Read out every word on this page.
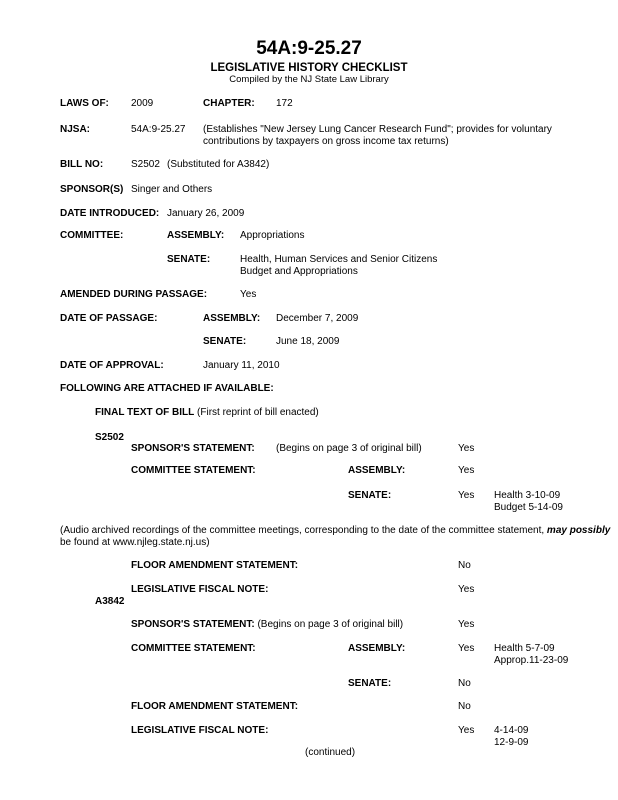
54A:9-25.27
LEGISLATIVE HISTORY CHECKLIST
Compiled by the NJ State Law Library
LAWS OF: 2009	CHAPTER: 172
NJSA:	54A:9-25.27 (Establishes "New Jersey Lung Cancer Research Fund"; provides for voluntary
contributions by taxpayers on gross income tax returns)
BILL NO:	S2502 (Substituted for A3842)
SPONSOR(S) Singer and Others
DATE INTRODUCED: January 26, 2009
COMMITTEE:	ASSEMBLY: Appropriations
SENATE:	Health, Human Services and Senior Citizens
Budget and Appropriations
AMENDED DURING PASSAGE:	Yes
DATE OF PASSAGE:	ASSEMBLY: December 7, 2009
SENATE:	June 18, 2009
DATE OF APPROVAL:	January 11, 2010
FOLLOWING ARE ATTACHED IF AVAILABLE:
FINAL TEXT OF BILL (First reprint of bill enacted)
S2502
SPONSOR'S STATEMENT: (Begins on page 3 of original bill)	Yes
COMMITTEE STATEMENT:	ASSEMBLY:	Yes
SENATE:	Yes Health 3-10-09
Budget 5-14-09
(Audio archived recordings of the committee meetings, corresponding to the date of the committee statement, may possibly
be found at www.njleg.state.nj.us)
FLOOR AMENDMENT STATEMENT:	No
LEGISLATIVE FISCAL NOTE:	Yes
A3842
SPONSOR'S STATEMENT: (Begins on page 3 of original bill)	Yes
COMMITTEE STATEMENT:	ASSEMBLY:	Yes Health 5-7-09
Approp.11-23-09
SENATE:	No
FLOOR AMENDMENT STATEMENT:	No
LEGISLATIVE FISCAL NOTE:	Yes 4-14-09
12-9-09
(continued)
